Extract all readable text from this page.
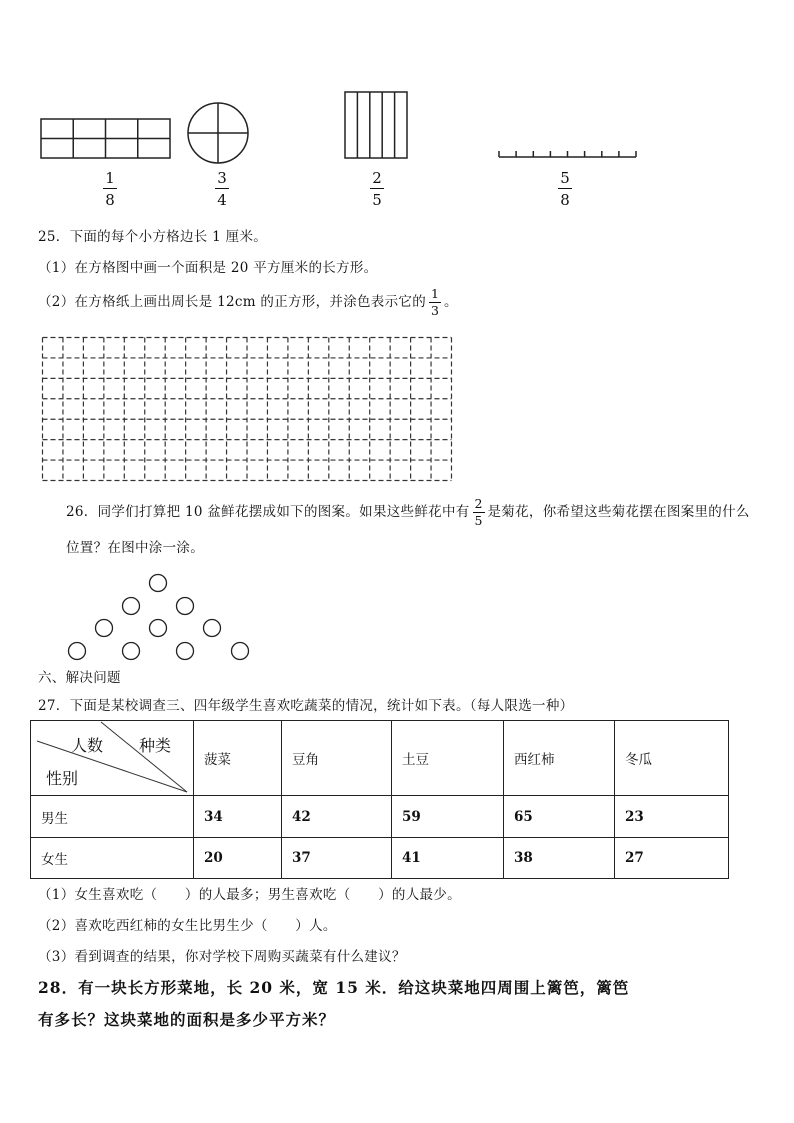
$\frac{1}{8}$	$\frac{3}{4}$	$\frac{2}{5}$	$\frac{5}{8}$
25．下面的每个小方格边长 1 厘米。
（1）在方格图中画一个面积是 20 平方厘米的长方形。
（2）在方格纸上画出周长是 12cm 的正方形，并涂色表示它的 $\frac{1}{3}$ 。
26．同学们打算把 10 盆鲜花摆成如下的图案。如果这些鲜花中有 $\frac{2}{5}$ 是菊花，你希望这些菊花摆在图案里的什么
位置？在图中涂一涂。
六、解决问题
27．下面是某校调查三、四年级学生喜欢吃蔬菜的情况，统计如下表。（每人限选一种）
人数 种类
性别	菠菜	豆角	土豆	西红柿	冬瓜
男生	34	42	59	65	23
女生	20	37	41	38	27
（1）女生喜欢吃（　　）的人最多；男生喜欢吃（　　）的人最少。
（2）喜欢吃西红柿的女生比男生少（　　）人。
（3）看到调查的结果，你对学校下周购买蔬菜有什么建议？
28．有一块长方形菜地，长 20 米，宽 15 米．给这块菜地四周围上篱笆，篱笆
有多长？这块菜地的面积是多少平方米？
